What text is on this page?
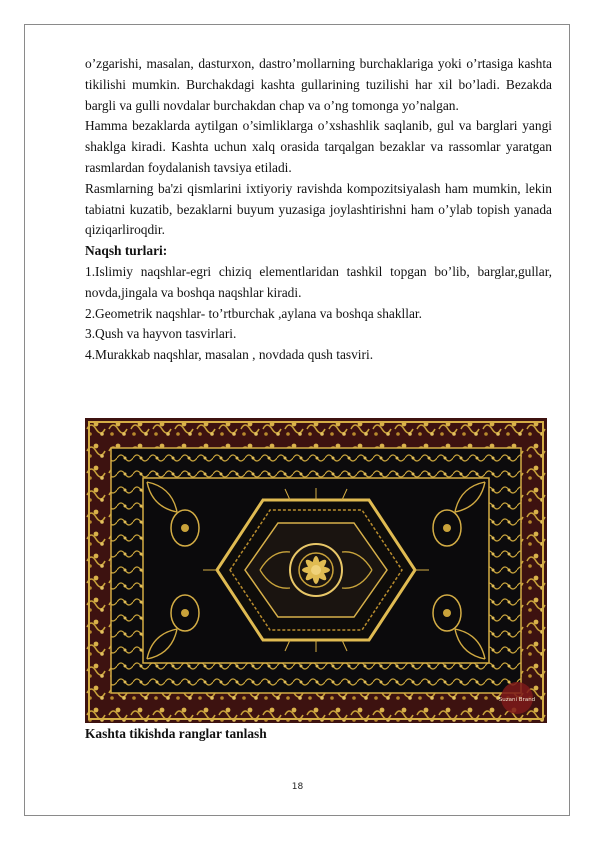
o’zgarishi, masalan, dasturxon, dastro’mollarning burchaklariga yoki o’rtasiga kashta tikilishi mumkin. Burchakdagi kashta gullarining tuzilishi har xil bo’ladi. Bezakda bargli va gulli novdalar burchakdan chap va o’ng tomonga yo’nalgan.

Hamma bezaklarda aytilgan o’simliklarga o’xshashlik saqlanib, gul va barglari yangi shaklga kiradi. Kashta uchun xalq orasida tarqalgan bezaklar va rassomlar yaratgan rasmlardan foydalanish tavsiya etiladi.

Rasmlarning ba'zi qismlarini ixtiyoriy ravishda kompozitsiyalash ham mumkin, lekin tabiatni kuzatib, bezaklarni buyum yuzasiga joylashtirishni ham o’ylab topish yanada qiziqarliroqdir.

Naqsh turlari:

1.Islimiy naqshlar-egri chiziq elementlaridan tashkil topgan bo’lib, barglar,gullar, novda,jingala va boshqa naqshlar kiradi.

2.Geometrik naqshlar- to’rtburchak ,aylana va boshqa shakllar.

3.Qush va hayvon tasvirlari.

4.Murakkab naqshlar, masalan , novdada qush tasviri.

Suzani Brand
Kashta tikishda ranglar tanlash
18
